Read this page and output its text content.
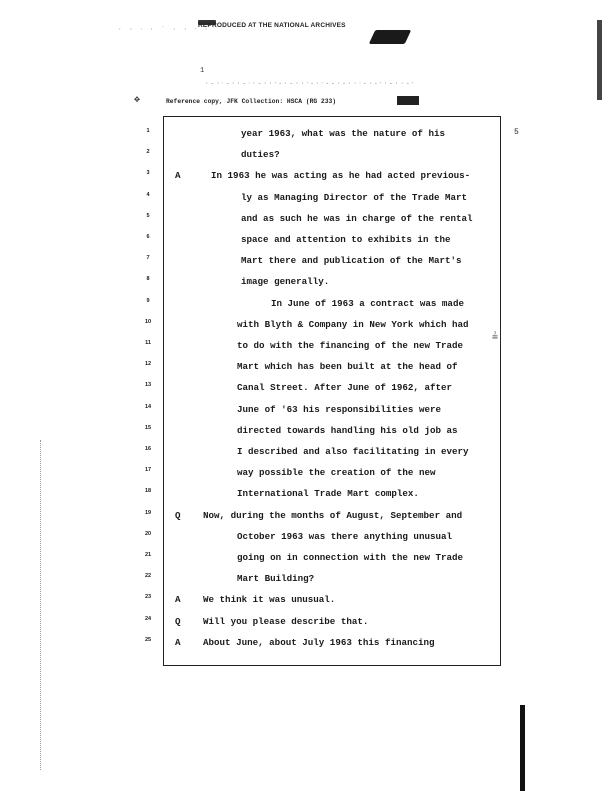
REPRODUCED AT THE NATIONAL ARCHIVES
· · ‧ · ˙ · · ‧ ·
·-·‧-··-‧·-··‧-·-··‧-·‧--·-··‧-·-‧·-··-‧
1
✥	Reference copy, JFK Collection: HSCA (RG 233)
5
1	year 1963, what was the nature of his
2	duties?
3	A	In 1963 he was acting as he had acted previous-
4	ly as Managing Director of the Trade Mart
5	and as such he was in charge of the rental
6	space and attention to exhibits in the
7	Mart there and publication of the Mart's
8	image generally.
9	In June of 1963 a contract was made
10	with Blyth & Company in New York which had
11	to do with the financing of the new Trade
12	Mart which has been built at the head of
13	Canal Street. After June of 1962, after
14	June of '63 his responsibilities were
15	directed towards handling his old job as
16	I described and also facilitating in every
17	way possible the creation of the new
18	International Trade Mart complex.
19	Q Now, during the months of August, September and
20	October 1963 was there anything unusual
21	going on in connection with the new Trade
22	Mart Building?
23	A We think it was unusual.
24	Q Will you please describe that.
25	A About June, about July 1963 this financing
≟
